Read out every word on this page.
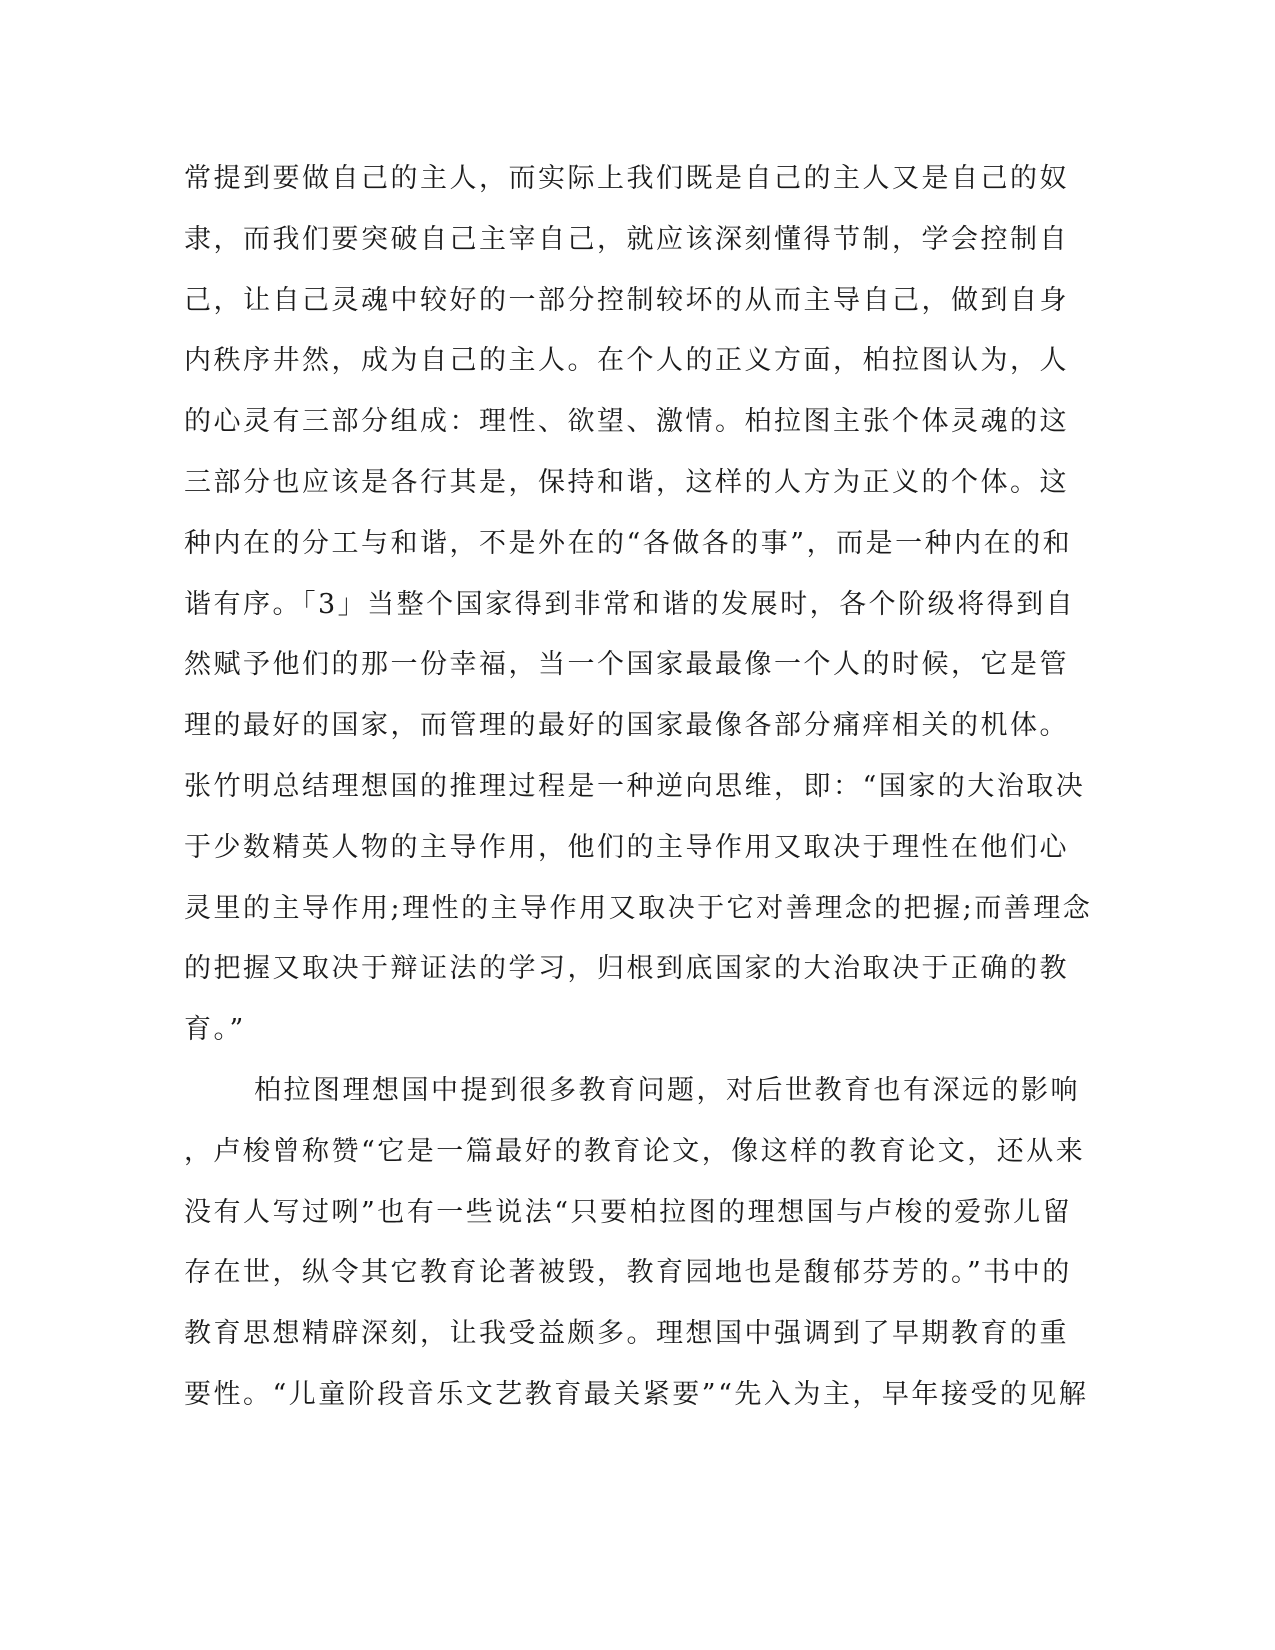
常提到要做自己的主人，而实际上我们既是自己的主人又是自己的奴
隶，而我们要突破自己主宰自己，就应该深刻懂得节制，学会控制自
己，让自己灵魂中较好的一部分控制较坏的从而主导自己，做到自身
内秩序井然，成为自己的主人。在个人的正义方面，柏拉图认为，人
的心灵有三部分组成：理性、欲望、激情。柏拉图主张个体灵魂的这
三部分也应该是各行其是，保持和谐，这样的人方为正义的个体。这
种内在的分工与和谐，不是外在的“各做各的事”，而是一种内在的和
谐有序。「3」当整个国家得到非常和谐的发展时，各个阶级将得到自
然赋予他们的那一份幸福，当一个国家最最像一个人的时候，它是管
理的最好的国家，而管理的最好的国家最像各部分痛痒相关的机体。
张竹明总结理想国的推理过程是一种逆向思维，即：“国家的大治取决
于少数精英人物的主导作用，他们的主导作用又取决于理性在他们心
灵里的主导作用;理性的主导作用又取决于它对善理念的把握;而善理念
的把握又取决于辩证法的学习，归根到底国家的大治取决于正确的教
育。”
柏拉图理想国中提到很多教育问题，对后世教育也有深远的影响
，卢梭曾称赞“它是一篇最好的教育论文，像这样的教育论文，还从来
没有人写过咧”也有一些说法“只要柏拉图的理想国与卢梭的爱弥儿留
存在世，纵令其它教育论著被毁，教育园地也是馥郁芬芳的。”书中的
教育思想精辟深刻，让我受益颇多。理想国中强调到了早期教育的重
要性。“儿童阶段音乐文艺教育最关紧要”“先入为主，早年接受的见解
